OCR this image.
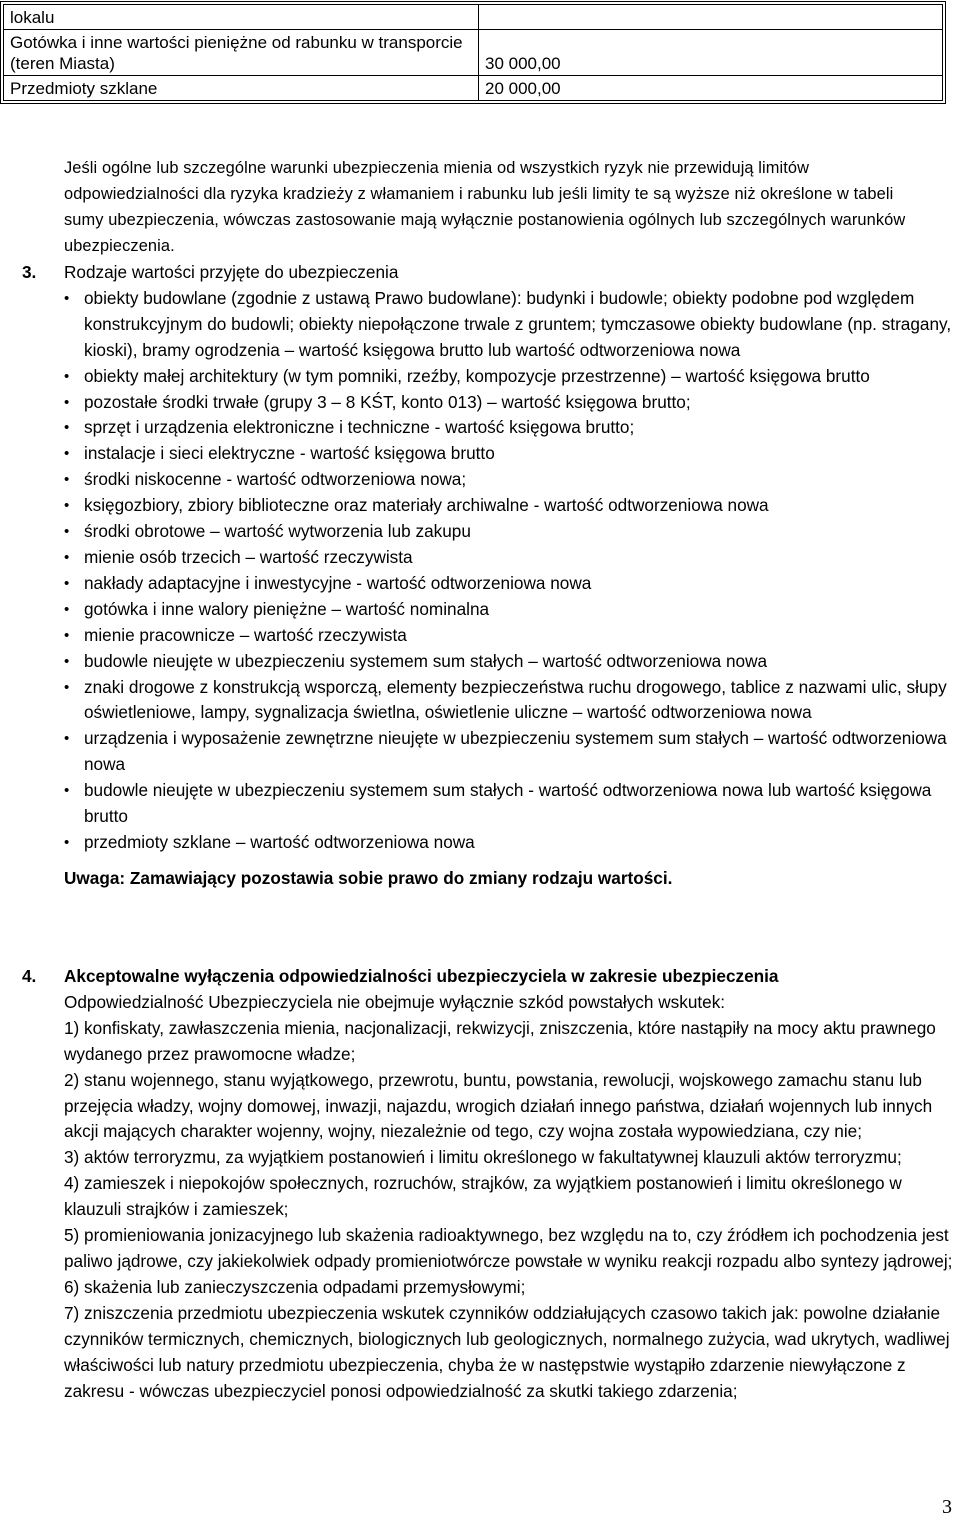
lokalu	
Gotówka i inne wartości pieniężne od rabunku w transporcie (teren Miasta)	30 000,00
Przedmioty szklane	20 000,00

Jeśli ogólne lub szczególne warunki ubezpieczenia mienia od wszystkich ryzyk nie przewidują limitów odpowiedzialności dla ryzyka kradzieży z włamaniem i rabunku lub jeśli limity te są wyższe niż określone w tabeli sumy ubezpieczenia, wówczas zastosowanie mają wyłącznie postanowienia ogólnych lub szczególnych warunków ubezpieczenia.

3. Rodzaje wartości przyjęte do ubezpieczenia
• obiekty budowlane (zgodnie z ustawą Prawo budowlane): budynki i budowle; obiekty podobne pod względem konstrukcyjnym do budowli; obiekty niepołączone trwale z gruntem; tymczasowe obiekty budowlane (np. stragany, kioski), bramy ogrodzenia – wartość księgowa brutto lub wartość odtworzeniowa nowa
• obiekty małej architektury (w tym pomniki, rzeźby, kompozycje przestrzenne) – wartość księgowa brutto
• pozostałe środki trwałe (grupy 3 – 8 KŚT, konto 013) – wartość księgowa brutto;
• sprzęt i urządzenia elektroniczne i techniczne - wartość księgowa brutto;
• instalacje i sieci elektryczne - wartość księgowa brutto
• środki niskocenne - wartość odtworzeniowa nowa;
• księgozbiory, zbiory biblioteczne oraz materiały archiwalne - wartość odtworzeniowa nowa
• środki obrotowe – wartość wytworzenia lub zakupu
• mienie osób trzecich – wartość rzeczywista
• nakłady adaptacyjne i inwestycyjne - wartość odtworzeniowa nowa
• gotówka i inne walory pieniężne – wartość nominalna
• mienie pracownicze – wartość rzeczywista
• budowle nieujęte w ubezpieczeniu systemem sum stałych – wartość odtworzeniowa nowa
• znaki drogowe z konstrukcją wsporczą, elementy bezpieczeństwa ruchu drogowego, tablice z nazwami ulic, słupy oświetleniowe, lampy, sygnalizacja świetlna, oświetlenie uliczne – wartość odtworzeniowa nowa
• urządzenia i wyposażenie zewnętrzne nieujęte w ubezpieczeniu systemem sum stałych – wartość odtworzeniowa nowa
• budowle nieujęte w ubezpieczeniu systemem sum stałych - wartość odtworzeniowa nowa lub wartość księgowa brutto
• przedmioty szklane – wartość odtworzeniowa nowa
Uwaga: Zamawiający pozostawia sobie prawo do zmiany rodzaju wartości.
4. Akceptowalne wyłączenia odpowiedzialności ubezpieczyciela w zakresie ubezpieczenia

Odpowiedzialność Ubezpieczyciela nie obejmuje wyłącznie szkód powstałych wskutek:

1) konfiskaty, zawłaszczenia mienia, nacjonalizacji, rekwizycji, zniszczenia, które nastąpiły na mocy aktu prawnego wydanego przez prawomocne władze;

2) stanu wojennego, stanu wyjątkowego, przewrotu, buntu, powstania, rewolucji, wojskowego zamachu stanu lub przejęcia władzy, wojny domowej, inwazji, najazdu, wrogich działań innego państwa, działań wojennych lub innych akcji mających charakter wojenny, wojny, niezależnie od tego, czy wojna została wypowiedziana, czy nie;

3) aktów terroryzmu, za wyjątkiem postanowień i limitu określonego w fakultatywnej klauzuli aktów terroryzmu;

4) zamieszek i niepokojów społecznych, rozruchów, strajków, za wyjątkiem postanowień i limitu określonego w klauzuli strajków i zamieszek;

5) promieniowania jonizacyjnego lub skażenia radioaktywnego, bez względu na to, czy źródłem ich pochodzenia jest paliwo jądrowe, czy jakiekolwiek odpady promieniotwórcze powstałe w wyniku reakcji rozpadu albo syntezy jądrowej;

6) skażenia lub zanieczyszczenia odpadami przemysłowymi;

7) zniszczenia przedmiotu ubezpieczenia wskutek czynników oddziałujących czasowo takich jak: powolne działanie czynników termicznych, chemicznych, biologicznych lub geologicznych, normalnego zużycia, wad ukrytych, wadliwej właściwości lub natury przedmiotu ubezpieczenia, chyba że w następstwie wystąpiło zdarzenie niewyłączone z zakresu - wówczas ubezpieczyciel ponosi odpowiedzialność za skutki takiego zdarzenia;

3
